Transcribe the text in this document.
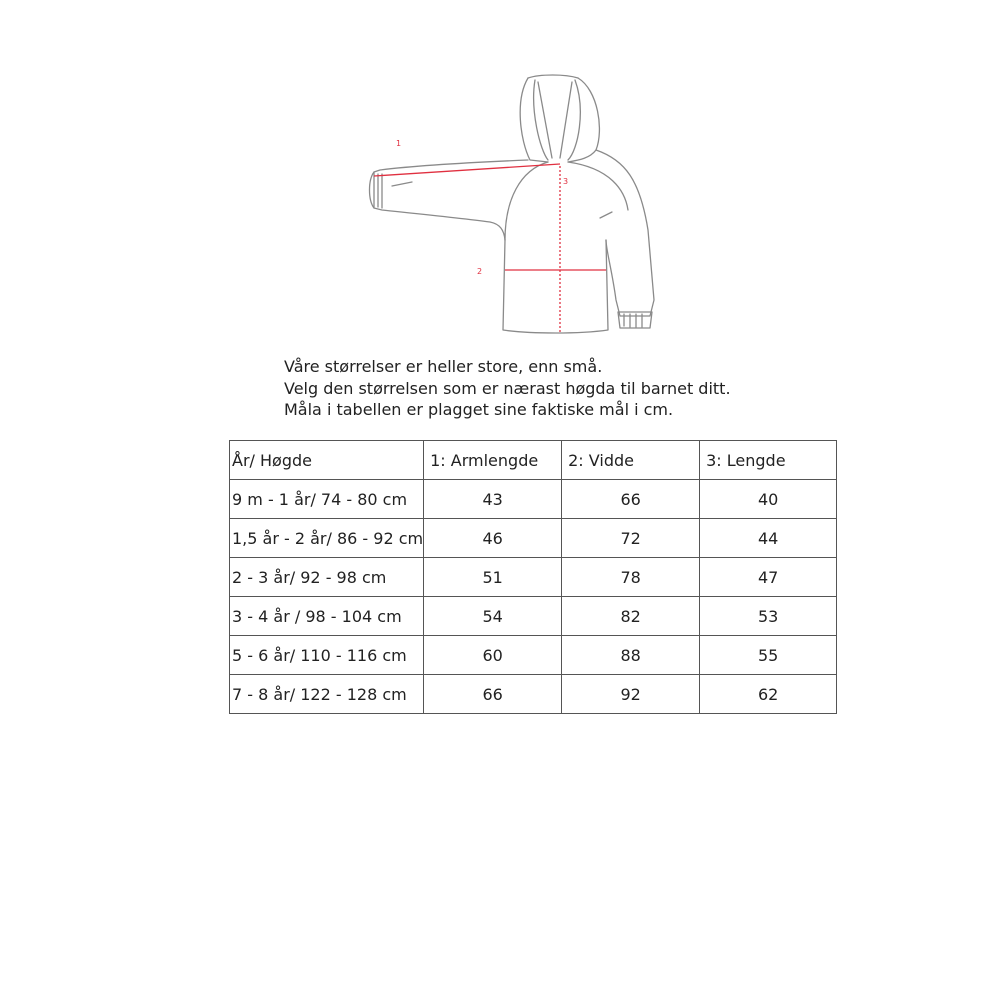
1
2
3
Våre størrelser er heller store, enn små.
Velg den størrelsen som er nærast høgda til barnet ditt.
Måla i tabellen er plagget sine faktiske mål i cm.
År/ Høgde	1: Armlengde	2: Vidde	3: Lengde
9 m - 1 år/ 74 - 80 cm	43	66	40
1,5 år - 2 år/ 86 - 92 cm	46	72	44
2 - 3 år/ 92 - 98 cm	51	78	47
3 - 4 år / 98 - 104 cm	54	82	53
5 - 6 år/ 110 - 116 cm	60	88	55
7 - 8 år/ 122 - 128 cm	66	92	62
